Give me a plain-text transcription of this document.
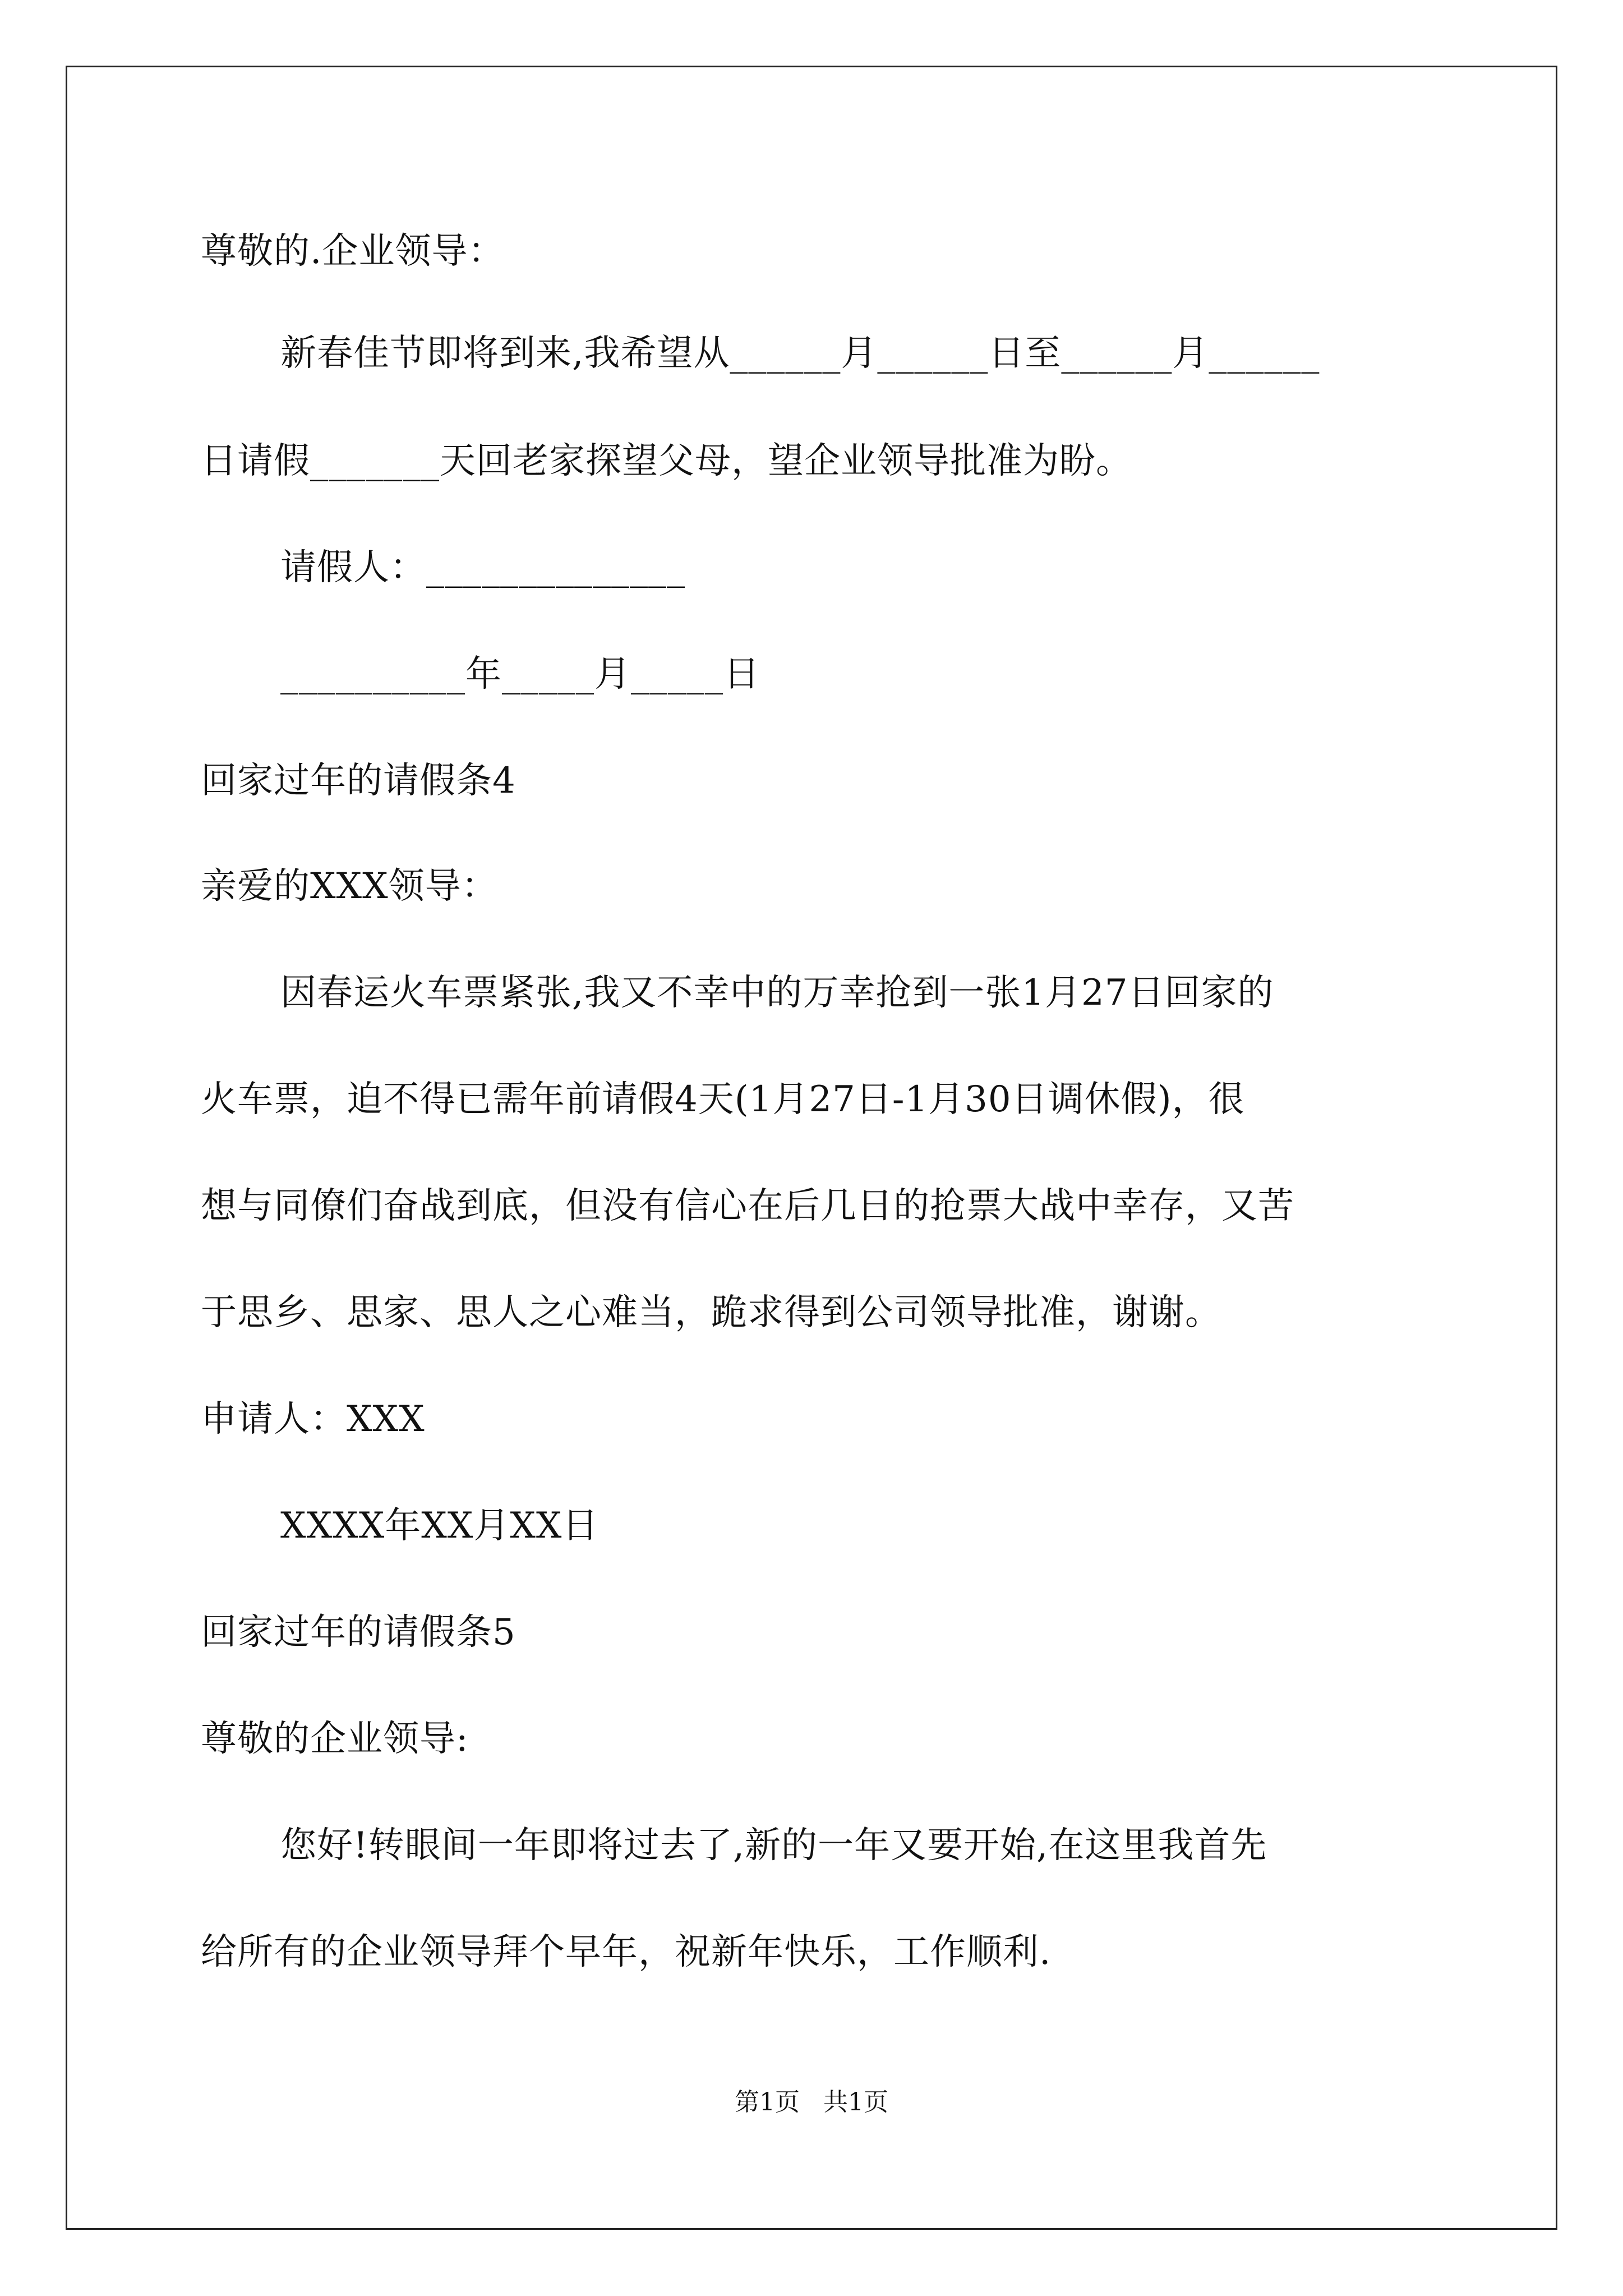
尊敬的.企业领导：
新春佳节即将到来,我希望从______月______日至______月______
日请假_______天回老家探望父母，望企业领导批准为盼。
请假人：______________
__________年_____月_____日
回家过年的请假条4
亲爱的XXX领导：
因春运火车票紧张,我又不幸中的万幸抢到一张1月27日回家的
火车票，迫不得已需年前请假4天(1月27日-1月30日调休假)，很
想与同僚们奋战到底，但没有信心在后几日的抢票大战中幸存，又苦
于思乡、思家、思人之心难当，跪求得到公司领导批准，谢谢。
申请人：XXX
XXXX年XX月XX日
回家过年的请假条5
尊敬的企业领导:
您好!转眼间一年即将过去了,新的一年又要开始,在这里我首先
给所有的企业领导拜个早年，祝新年快乐，工作顺利.
第1页   共1页
